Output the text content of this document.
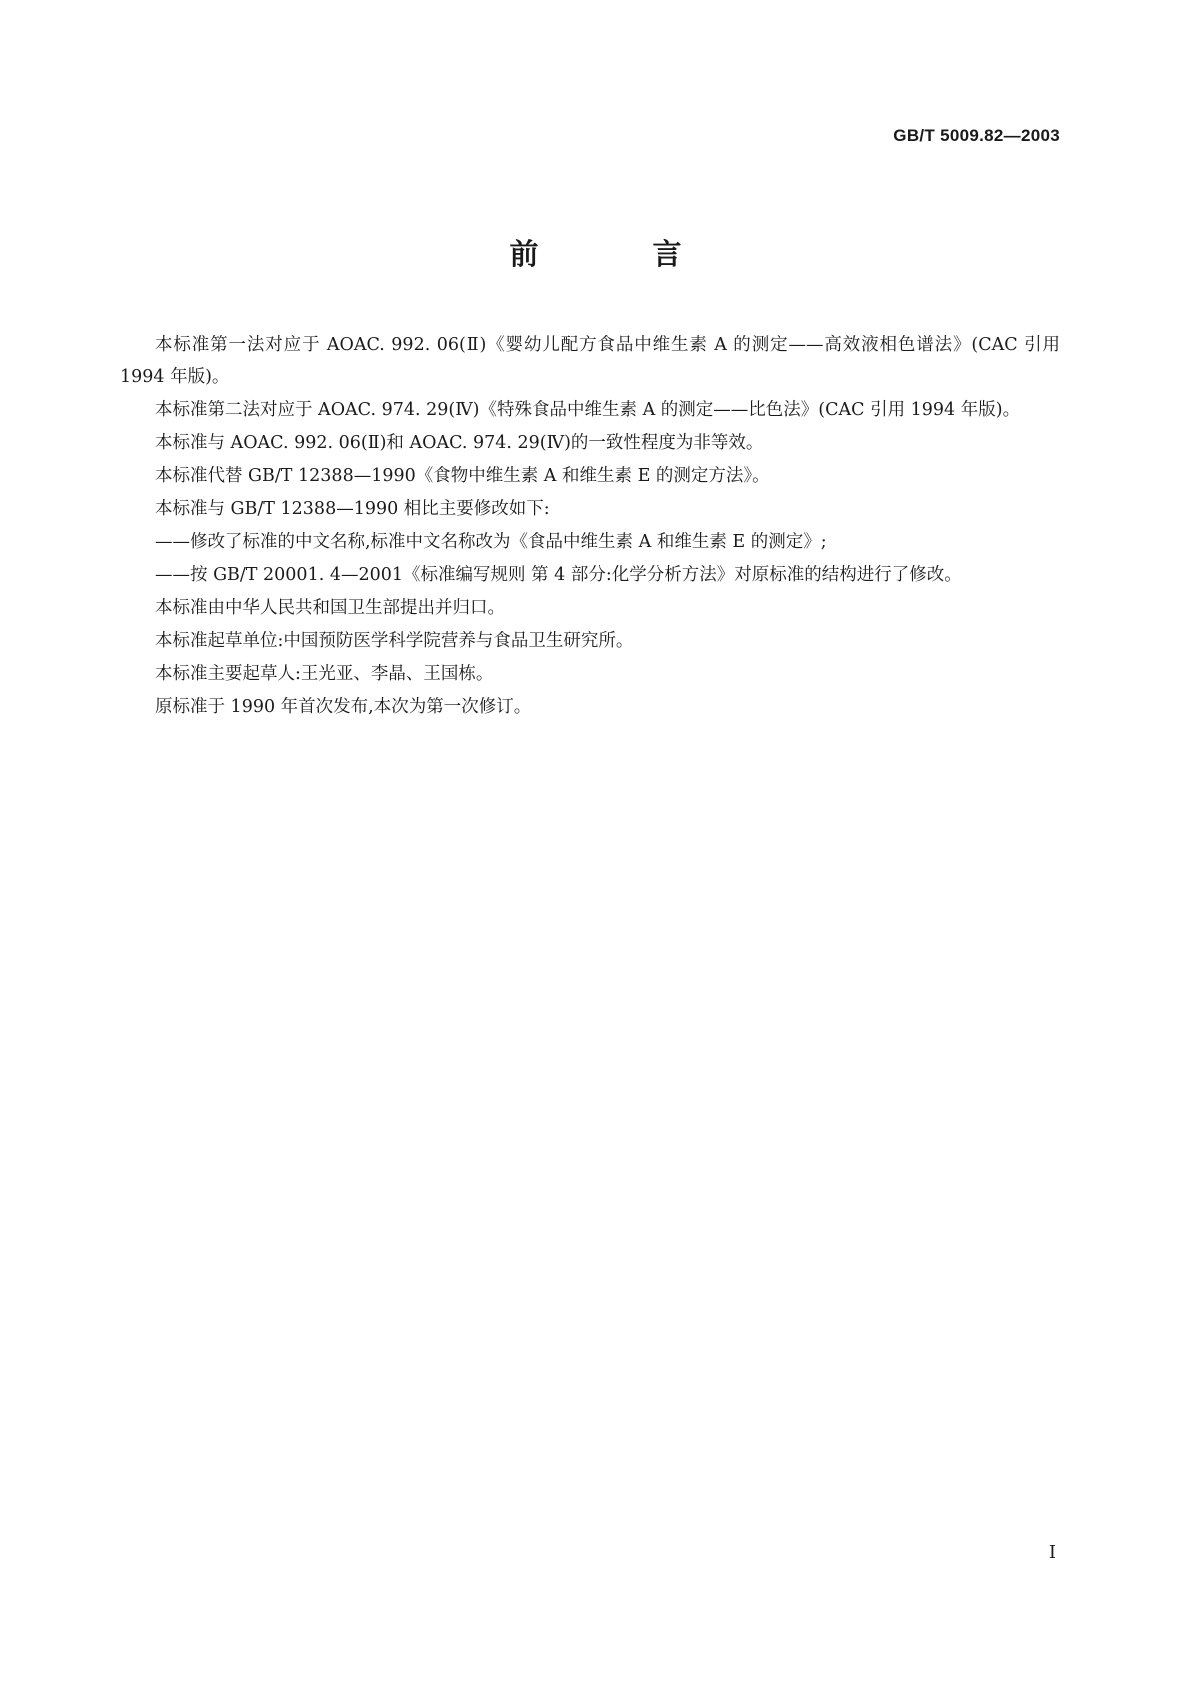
GB/T 5009.82—2003
前 言

本标准第一法对应于 AOAC. 992. 06(Ⅱ)《婴幼儿配方食品中维生素 A 的测定——高效液相色谱法》(CAC 引用 1994 年版)。

本标准第二法对应于 AOAC. 974. 29(Ⅳ)《特殊食品中维生素 A 的测定——比色法》(CAC 引用 1994 年版)。

本标准与 AOAC. 992. 06(Ⅱ)和 AOAC. 974. 29(Ⅳ)的一致性程度为非等效。

本标准代替 GB/T 12388—1990《食物中维生素 A 和维生素 E 的测定方法》。

本标准与 GB/T 12388—1990 相比主要修改如下:

——修改了标准的中文名称,标准中文名称改为《食品中维生素 A 和维生素 E 的测定》;

——按 GB/T 20001. 4—2001《标准编写规则 第 4 部分:化学分析方法》对原标准的结构进行了修改。

本标准由中华人民共和国卫生部提出并归口。

本标准起草单位:中国预防医学科学院营养与食品卫生研究所。

本标准主要起草人:王光亚、李晶、王国栋。

原标准于 1990 年首次发布,本次为第一次修订。

I
